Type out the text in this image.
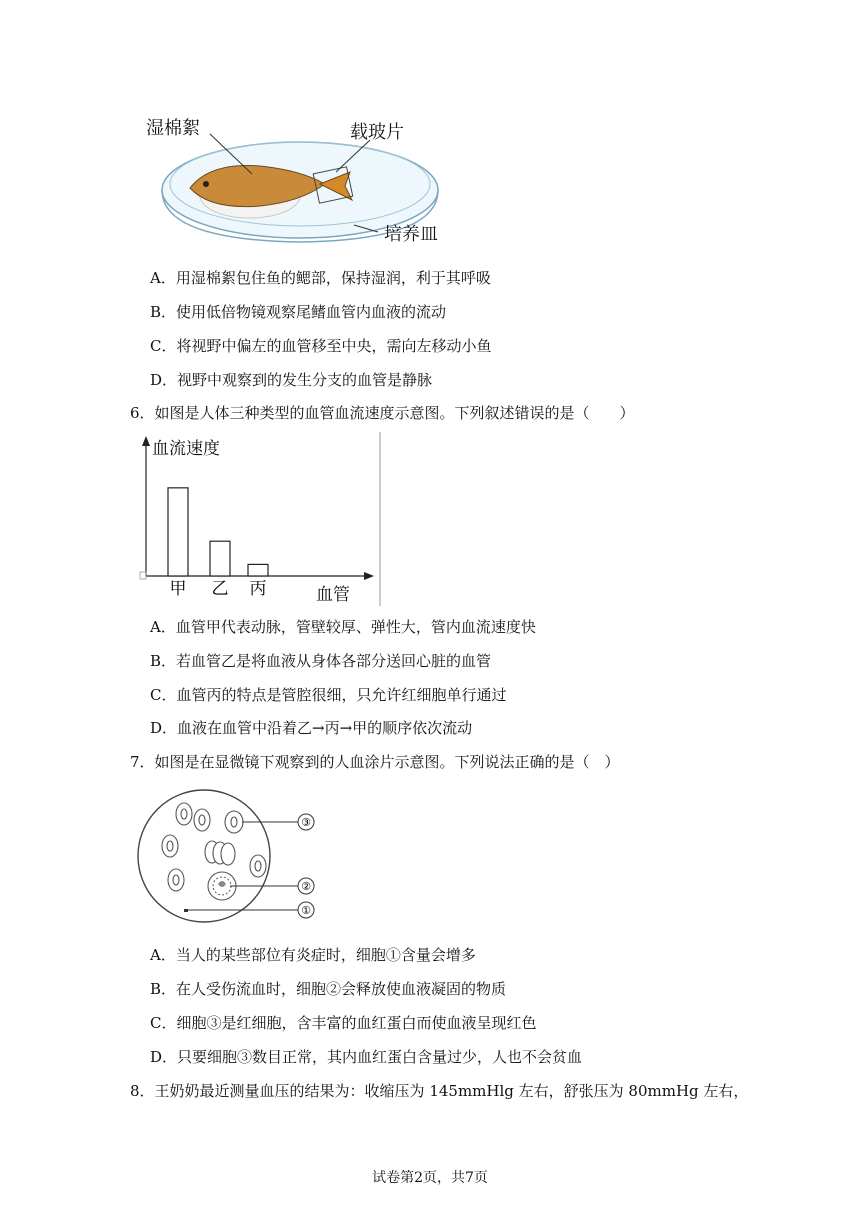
湿棉絮	载玻片
培养皿
A．用湿棉絮包住鱼的鳃部，保持湿润，利于其呼吸
B．使用低倍物镜观察尾鳍血管内血液的流动
C．将视野中偏左的血管移至中央，需向左移动小鱼
D．视野中观察到的发生分支的血管是静脉
6．如图是人体三种类型的血管血流速度示意图。下列叙述错误的是（　　）
甲 乙 丙
血流速度
血管
A．血管甲代表动脉，管壁较厚、弹性大，管内血流速度快
B．若血管乙是将血液从身体各部分送回心脏的血管
C．血管丙的特点是管腔很细，只允许红细胞单行通过
D．血液在血管中沿着乙→丙→甲的顺序依次流动
7．如图是在显微镜下观察到的人血涂片示意图。下列说法正确的是（　）
③
②
①
A．当人的某些部位有炎症时，细胞①含量会增多
B．在人受伤流血时，细胞②会释放使血液凝固的物质
C．细胞③是红细胞，含丰富的血红蛋白而使血液呈现红色
D．只要细胞③数目正常，其内血红蛋白含量过少，人也不会贫血
8．王奶奶最近测量血压的结果为：收缩压为 145mmHlg 左右，舒张压为 80mmHg 左右，
试卷第2页，共7页
